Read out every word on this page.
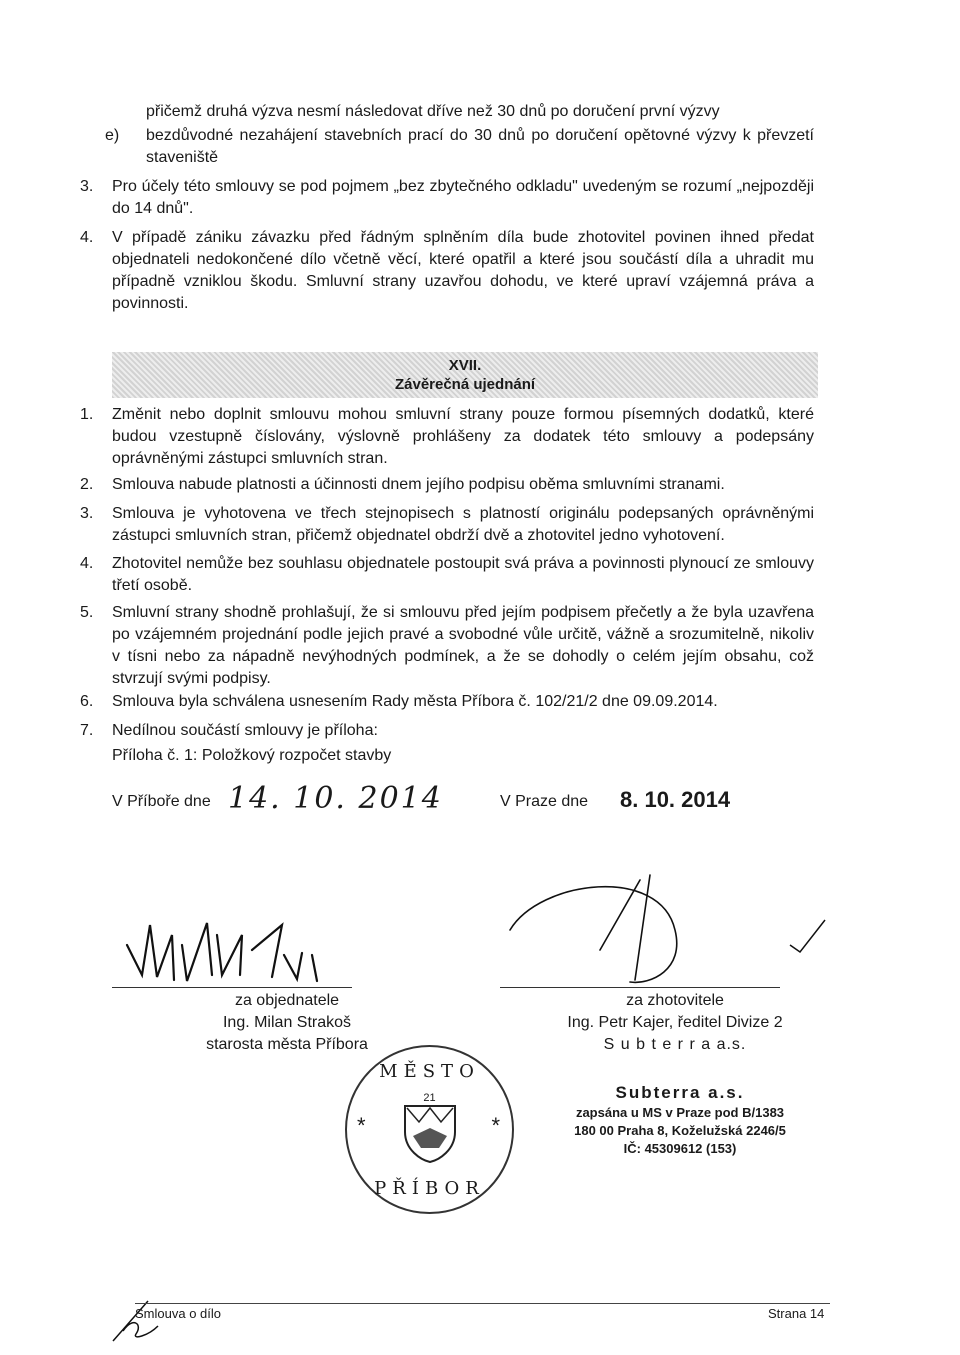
přičemž druhá výzva nesmí následovat dříve než 30 dnů po doručení první výzvy
e) bezdůvodné nezahájení stavebních prací do 30 dnů po doručení opětovné výzvy k převzetí staveniště
3. Pro účely této smlouvy se pod pojmem „bez zbytečného odkladu" uvedeným se rozumí „nejpozději do 14 dnů".
4. V případě zániku závazku před řádným splněním díla bude zhotovitel povinen ihned předat objednateli nedokončené dílo včetně věcí, které opatřil a které jsou součástí díla a uhradit mu případně vzniklou škodu. Smluvní strany uzavřou dohodu, ve které upraví vzájemná práva a povinnosti.
XVII.
Závěrečná ujednání
1. Změnit nebo doplnit smlouvu mohou smluvní strany pouze formou písemných dodatků, které budou vzestupně číslovány, výslovně prohlášeny za dodatek této smlouvy a podepsány oprávněnými zástupci smluvních stran.
2. Smlouva nabude platnosti a účinnosti dnem jejího podpisu oběma smluvními stranami.
3. Smlouva je vyhotovena ve třech stejnopisech s platností originálu podepsaných oprávněnými zástupci smluvních stran, přičemž objednatel obdrží dvě a zhotovitel jedno vyhotovení.
4. Zhotovitel nemůže bez souhlasu objednatele postoupit svá práva a povinnosti plynoucí ze smlouvy třetí osobě.
5. Smluvní strany shodně prohlašují, že si smlouvu před jejím podpisem přečetly a že byla uzavřena po vzájemném projednání podle jejich pravé a svobodné vůle určitě, vážně a srozumitelně, nikoliv v tísni nebo za nápadně nevýhodných podmínek, a že se dohodly o celém jejím obsahu, což stvrzují svými podpisy.
6. Smlouva byla schválena usnesením Rady města Příbora č. 102/21/2 dne 09.09.2014.
7. Nedílnou součástí smlouvy je příloha:
Příloha č. 1: Položkový rozpočet stavby
V Příboře dne 14. 10. 2014	V Praze dne 8. 10. 2014
za objednatele
Ing. Milan Strakoš
starosta města Příbora
za zhotovitele
Ing. Petr Kajer, ředitel Divize 2
S u b t e r r a a.s.
MĚSTO
21
*	*
PŘÍBOR
Subterra a.s.
zapsána u MS v Praze pod B/1383
180 00 Praha 8, Koželužská 2246/5
IČ: 45309612 (153)
Smlouva o dílo	Strana 14
